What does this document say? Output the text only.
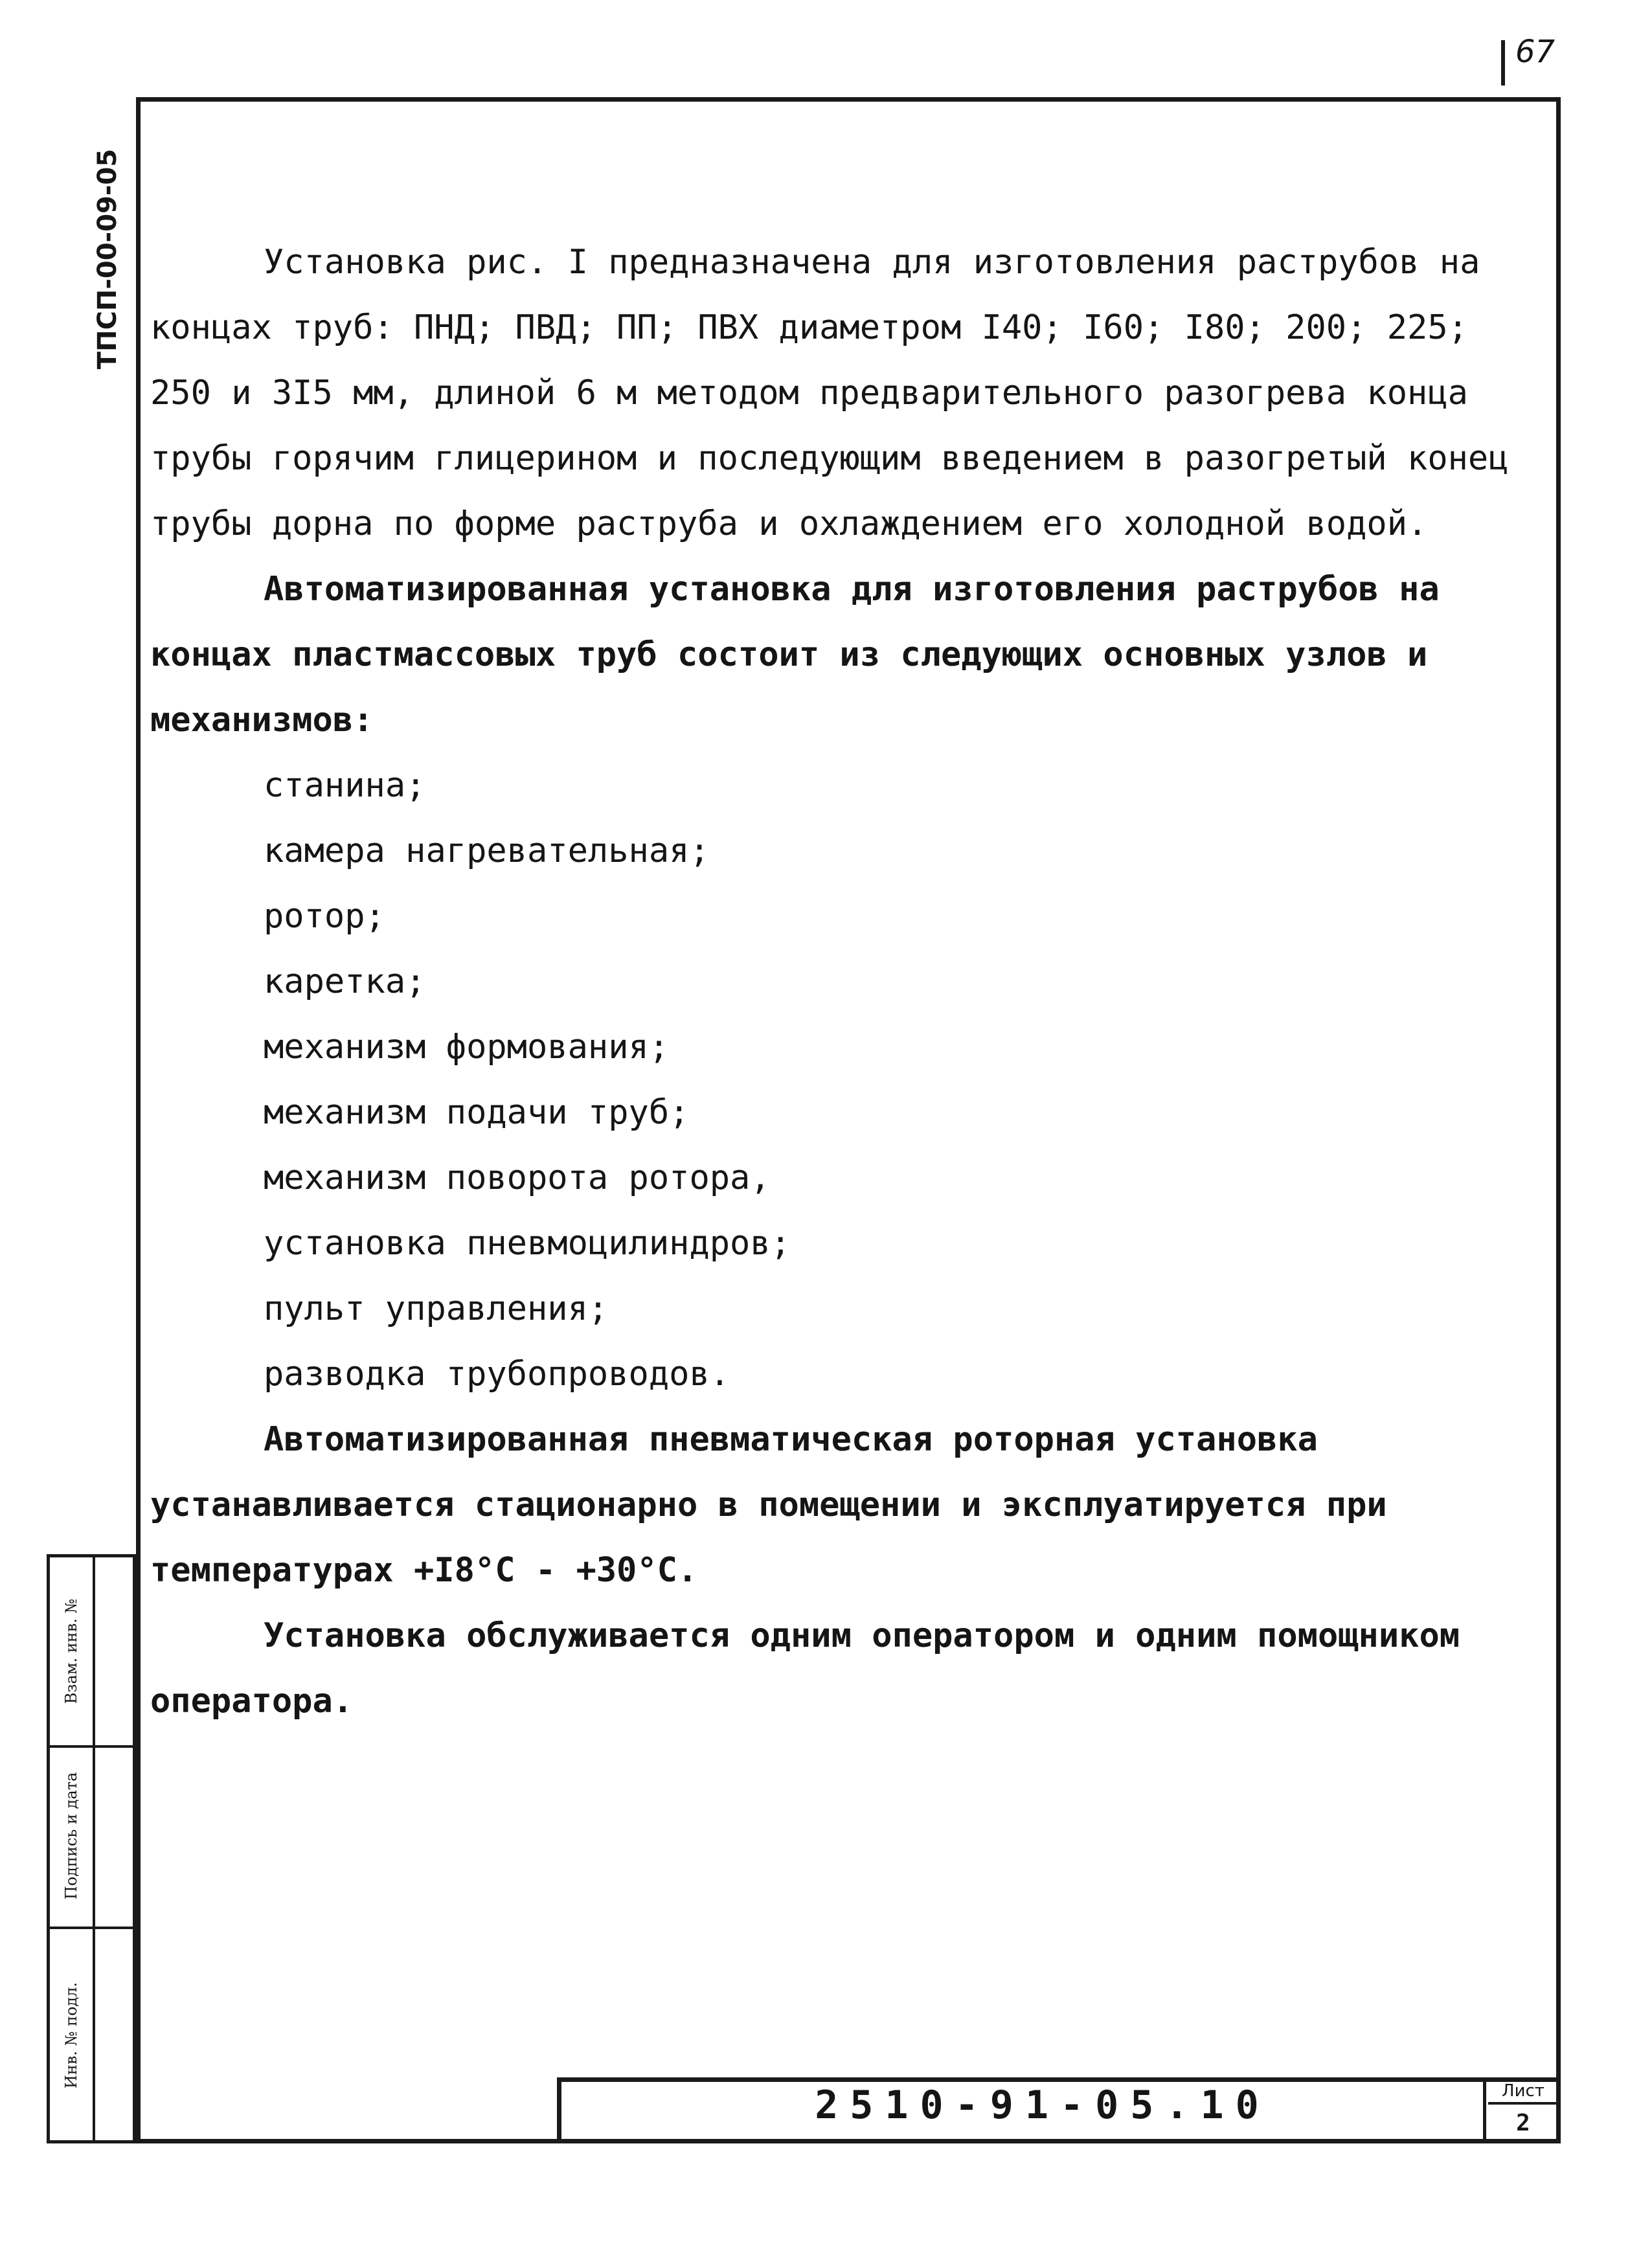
67
ТПСП-00-09-05
Взам. инв. №
Подпись и дата
Инв. № подл.

Установка рис. I предназначена для изготовления раструбов на концах труб: ПНД; ПВД; ПП; ПВХ диаметром I40; I60; I80; 200; 225; 250 и 3I5 мм, длиной 6 м методом предварительного разогрева конца трубы горячим глицерином и последующим введением в разогретый конец трубы дорна по форме раструба и охлаждением его холодной водой.

Автоматизированная установка для изготовления раструбов на концах пластмассовых труб состоит из следующих основных узлов и механизмов:

станина;

камера нагревательная;

ротор;

каретка;

механизм формования;

механизм подачи труб;

механизм поворота ротора,

установка пневмоцилиндров;

пульт управления;

разводка трубопроводов.

Автоматизированная пневматическая роторная установка устанавливается стационарно в помещении и эксплуатируется при температурах +I8°С - +30°С.

Установка обслуживается одним оператором и одним помощником оператора.

2510-91-05.10	Лист
2
